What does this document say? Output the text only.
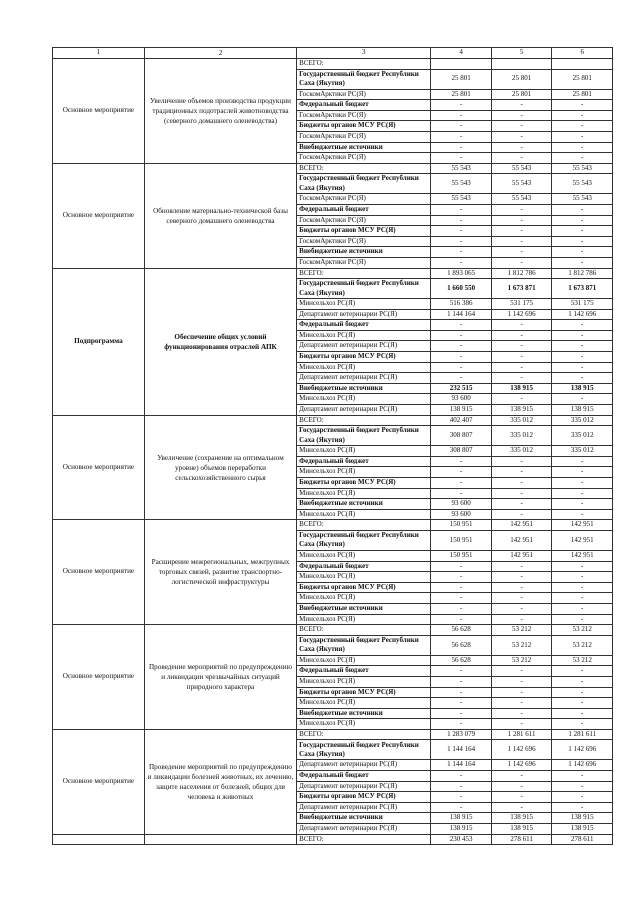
1	2	3	4	5	6
Основное мероприятие	Увеличение объемов производства продукции традиционных подотраслей животноводства (северного домашнего оленеводства)	ВСЕГО:			
		Государственный бюджет Республики Саха (Якутия)	25 801	25 801	25 801
		ГоскомАрктики РС(Я)	25 801	25 801	25 801
		Федеральный бюджет	-	-	-
		ГоскомАрктики РС(Я)	-	-	-
		Бюджеты органов МСУ РС(Я)	-	-	-
		ГоскомАрктики РС(Я)	-	-	-
		Внебюджетные источники	-	-	-
		ГоскомАрктики РС(Я)	-	-	-
Основное мероприятие	Обновление материально-технической базы северного домашнего оленеводства	ВСЕГО:	55 543	55 543	55 543
		Государственный бюджет Республики Саха (Якутия)	55 543	55 543	55 543
		ГоскомАрктики РС(Я)	55 543	55 543	55 543
		Федеральный бюджет	-	-	-
		ГоскомАрктики РС(Я)	-	-	-
		Бюджеты органов МСУ РС(Я)	-	-	-
		ГоскомАрктики РС(Я)	-	-	-
		Внебюджетные источники	-	-	-
		ГоскомАрктики РС(Я)	-	-	-
Подпрограмма	Обеспечение общих условий функционирования отраслей АПК	ВСЕГО:	1 893 065	1 812 786	1 812 786
		Государственный бюджет Республики Саха (Якутия)	1 660 550	1 673 871	1 673 871
		Минсельхоз РС(Я)	516 386	531 175	531 175
		Департамент ветеринарии РС(Я)	1 144 164	1 142 696	1 142 696
		Федеральный бюджет	-	-	-
		Минсельхоз РС(Я)	-	-	-
		Департамент ветеринарии РС(Я)	-	-	-
		Бюджеты органов МСУ РС(Я)	-	-	-
		Минсельхоз РС(Я)	-	-	-
		Департамент ветеринарии РС(Я)	-	-	-
		Внебюджетные источники	232 515	138 915	138 915
		Минсельхоз РС(Я)	93 600	-	-
		Департамент ветеринарии РС(Я)	138 915	138 915	138 915
Основное мероприятие	Увеличение (сохранение на оптимальном уровне) объемов переработки сельскохозяйственного сырья	ВСЕГО:	402 407	335 012	335 012
		Государственный бюджет Республики Саха (Якутия)	308 807	335 012	335 012
		Минсельхоз РС(Я)	308 807	335 012	335 012
		Федеральный бюджет	-	-	-
		Минсельхоз РС(Я)	-	-	-
		Бюджеты органов МСУ РС(Я)	-	-	-
		Минсельхоз РС(Я)	-	-	-
		Внебюджетные источники	93 600	-	-
		Минсельхоз РС(Я)	93 600	-	-
Основное мероприятие	Расширение межрегиональных, межгрупных торговых связей, развитие транспортно-логистической инфраструктуры	ВСЕГО:	150 951	142 951	142 951
		Государственный бюджет Республики Саха (Якутия)	150 951	142 951	142 951
		Минсельхоз РС(Я)	150 951	142 951	142 951
		Федеральный бюджет	-	-	-
		Минсельхоз РС(Я)	-	-	-
		Бюджеты органов МСУ РС(Я)	-	-	-
		Минсельхоз РС(Я)	-	-	-
		Внебюджетные источники	-	-	-
		Минсельхоз РС(Я)	-	-	-
Основное мероприятие	Проведение мероприятий по предупреждению и ликвидации чрезвычайных ситуаций природного характера	ВСЕГО:	56 628	53 212	53 212
		Государственный бюджет Республики Саха (Якутия)	56 628	53 212	53 212
		Минсельхоз РС(Я)	56 628	53 212	53 212
		Федеральный бюджет	-	-	-
		Минсельхоз РС(Я)	-	-	-
		Бюджеты органов МСУ РС(Я)	-	-	-
		Минсельхоз РС(Я)	-	-	-
		Внебюджетные источники	-	-	-
		Минсельхоз РС(Я)	-	-	-
Основное мероприятие	Проведение мероприятий по предупреждению и ликвидации болезней животных, их лечению, защите населения от болезней, общих для человека и животных	ВСЕГО:	1 283 079	1 281 611	1 281 611
		Государственный бюджет Республики Саха (Якутия)	1 144 164	1 142 696	1 142 696
		Департамент ветеринарии РС(Я)	1 144 164	1 142 696	1 142 696
		Федеральный бюджет	-	-	-
		Департамент ветеринарии РС(Я)	-	-	-
		Бюджеты органов МСУ РС(Я)	-	-	-
		Департамент ветеринарии РС(Я)	-	-	-
		Внебюджетные источники	138 915	138 915	138 915
		Департамент ветеринарии РС(Я)	138 915	138 915	138 915
		ВСЕГО:	230 453	278 611	278 611
